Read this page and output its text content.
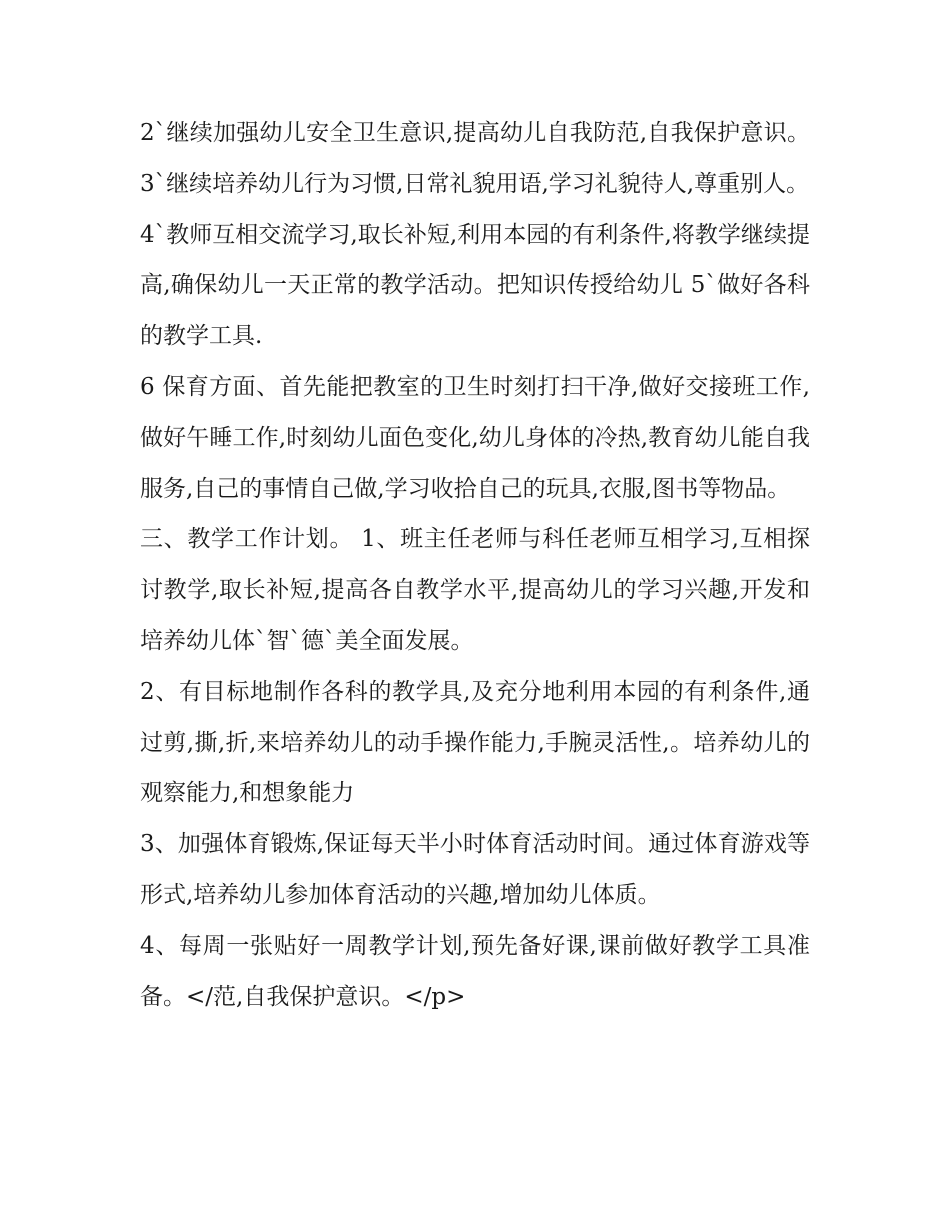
2`继续加强幼儿安全卫生意识,提高幼儿自我防范,自我保护意识。 3`继续培养幼儿行为习惯,日常礼貌用语,学习礼貌待人,尊重别人。

4`教师互相交流学习,取长补短,利用本园的有利条件,将教学继续提高,确保幼儿一天正常的教学活动。把知识传授给幼儿 5`做好各科的教学工具.

6 保育方面、首先能把教室的卫生时刻打扫干净,做好交接班工作,做好午睡工作,时刻幼儿面色变化,幼儿身体的冷热,教育幼儿能自我服务,自己的事情自己做,学习收拾自己的玩具,衣服,图书等物品。

三、教学工作计划。 1、班主任老师与科任老师互相学习,互相探讨教学,取长补短,提高各自教学水平,提高幼儿的学习兴趣,开发和培养幼儿体`智`德`美全面发展。

2、有目标地制作各科的教学具,及充分地利用本园的有利条件,通过剪,撕,折,来培养幼儿的动手操作能力,手腕灵活性,。培养幼儿的观察能力,和想象能力

3、加强体育锻炼,保证每天半小时体育活动时间。通过体育游戏等形式,培养幼儿参加体育活动的兴趣,增加幼儿体质。

4、每周一张贴好一周教学计划,预先备好课,课前做好教学工具准备。</范,自我保护意识。</p>
